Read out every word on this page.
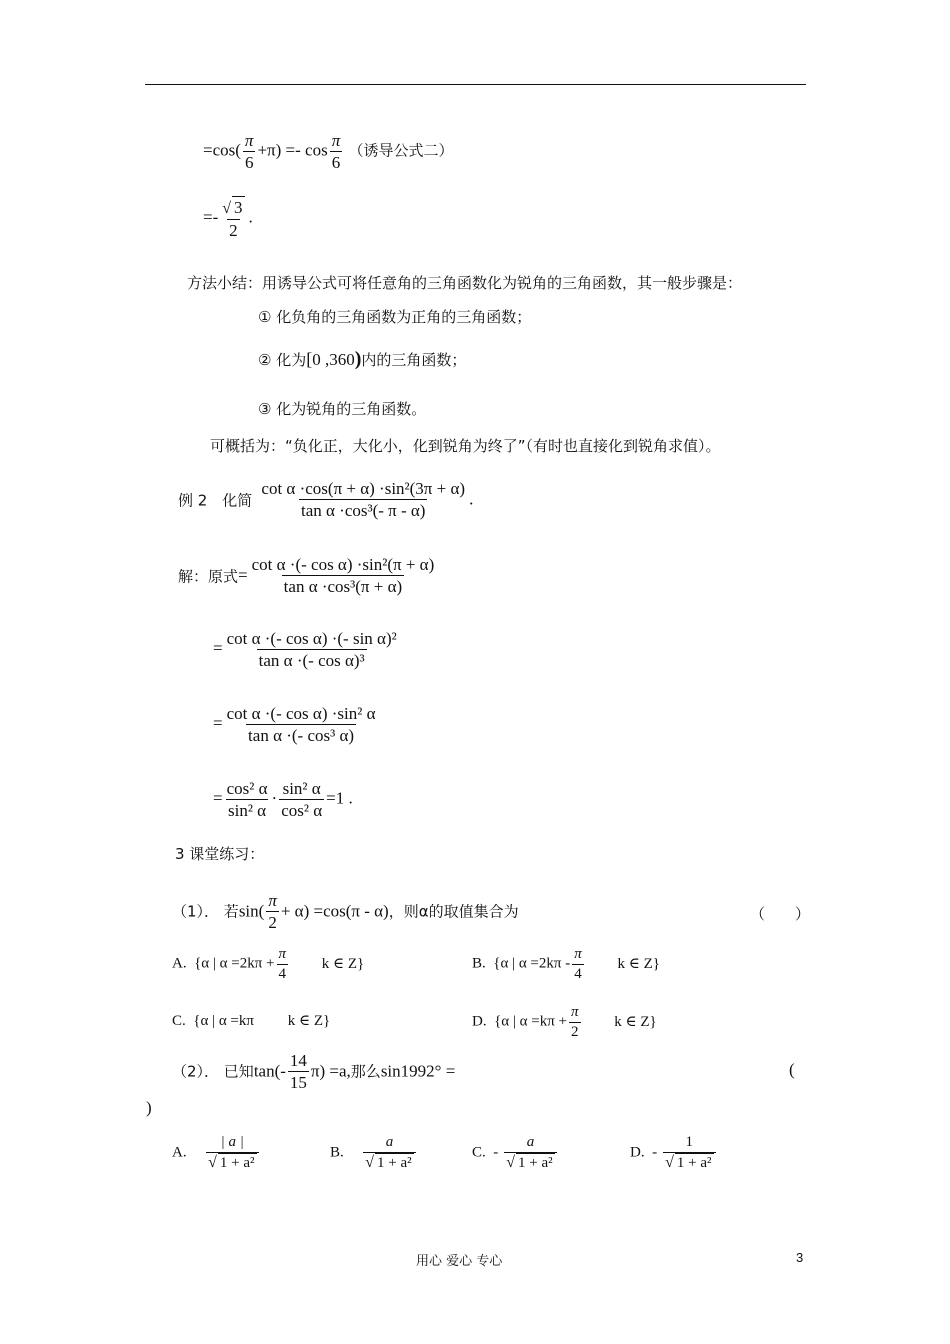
$=\cos( \frac{\pi}{6} +\pi) =- \cos \frac{\pi}{6}$ （诱导公式二）
=- $\frac{√ 3}{2}$ .
方法小结：用诱导公式可将任意角的三角函数化为锐角的三角函数，其一般步骤是：
① 化负角的三角函数为正角的三角函数；
② 化为[0 ,360)内的三角函数；
③ 化为锐角的三角函数。
可概括为：“负化正，大化小，化到锐角为终了”（有时也直接化到锐角求值）。
例 2　化简 $\frac{\text{cot α ·cos(π + α) ·sin²(3π + α)}}{\text{tan α ·cos³(- π - α)}}$ .
解：原式= $\frac{\text{cot α ·(- cos α) ·sin²(π + α)}}{\text{tan α ·cos³(π + α)}}$
= $\frac{\text{cot α ·(- cos α) ·(- sin α)²}}{\text{tan α ·(- cos α)³}}$
= $\frac{\text{cot α ·(- cos α) ·sin² α}}{\text{tan α ·(- cos³ α)}}$
= $\frac{\text{cos² α}}{\text{sin² α}} \cdot \frac{\text{sin² α}}{\text{cos² α}} =1$ .
3 课堂练习：
（1）． 若$\sin( \frac{\pi}{2} + \alpha) =\cos(\pi - \alpha)$，则α的取值集合为	（　　）
A. {α | $\alpha =2k\pi + \frac{\pi}{4}$ k ∈ Z}	B. {α | $\alpha =2k\pi - \frac{\pi}{4}$ k ∈ Z}
C. {α | α =kπ k ∈ Z}	D. {α | $\alpha =k\pi + \frac{\pi}{2}$ k ∈ Z}
（2）． 已知$\tan(- \frac{14}{15} \pi) =a$,那么sin1992° =	(
)
A. $\frac{| a |}{\text{√ 1 + a²}}$	B. $\frac{a}{\text{√ 1 + a²}}$	C. - $\frac{a}{\text{√ 1 + a²}}$	D. - $\frac{1}{\text{√ 1 + a²}}$
用心 爱心 专心	3
